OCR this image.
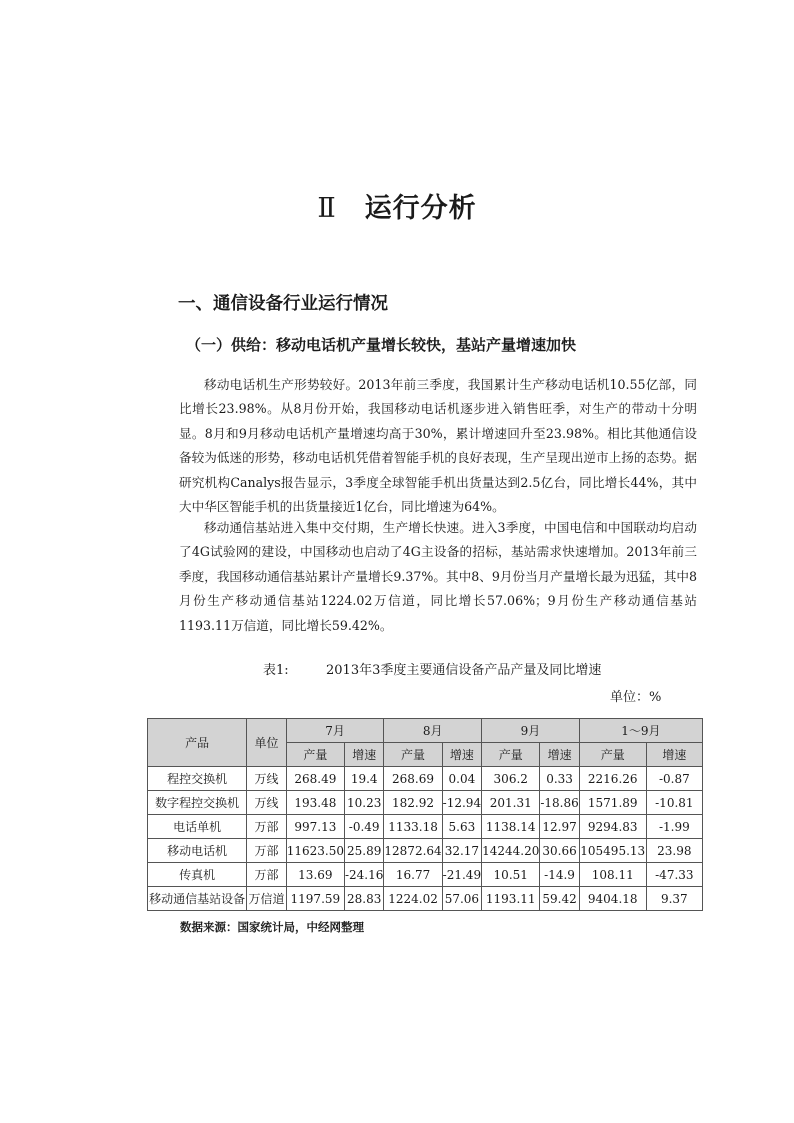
Ⅱ 运行分析
一、通信设备行业运行情况
（一）供给：移动电话机产量增长较快，基站产量增速加快

移动电话机生产形势较好。2013年前三季度，我国累计生产移动电话机10.55亿部，同比增长23.98%。从8月份开始，我国移动电话机逐步进入销售旺季，对生产的带动十分明显。8月和9月移动电话机产量增速均高于30%，累计增速回升至23.98%。相比其他通信设备较为低迷的形势，移动电话机凭借着智能手机的良好表现，生产呈现出逆市上扬的态势。据研究机构Canalys报告显示，3季度全球智能手机出货量达到2.5亿台，同比增长44%，其中大中华区智能手机的出货量接近1亿台，同比增速为64%。

移动通信基站进入集中交付期，生产增长快速。进入3季度，中国电信和中国联动均启动了4G试验网的建设，中国移动也启动了4G主设备的招标，基站需求快速增加。2013年前三季度，我国移动通信基站累计产量增长9.37%。其中8、9月份当月产量增长最为迅猛，其中8月份生产移动通信基站1224.02万信道，同比增长57.06%；9月份生产移动通信基站1193.11万信道，同比增长59.42%。

表1:	2013年3季度主要通信设备产品产量及同比增速
单位：%
产品	单位	7月		8月		9月		1～9月	
		产量	增速	产量	增速	产量	增速	产量	增速
程控交换机	万线	268.49	19.4	268.69	0.04	306.2	0.33	2216.26	-0.87
数字程控交换机	万线	193.48	10.23	182.92	-12.94	201.31	-18.86	1571.89	-10.81
电话单机	万部	997.13	-0.49	1133.18	5.63	1138.14	12.97	9294.83	-1.99
移动电话机	万部	11623.50	25.89	12872.64	32.17	14244.20	30.66	105495.13	23.98
传真机	万部	13.69	-24.16	16.77	-21.49	10.51	-14.9	108.11	-47.33
移动通信基站设备	万信道	1197.59	28.83	1224.02	57.06	1193.11	59.42	9404.18	9.37
数据来源：国家统计局，中经网整理
